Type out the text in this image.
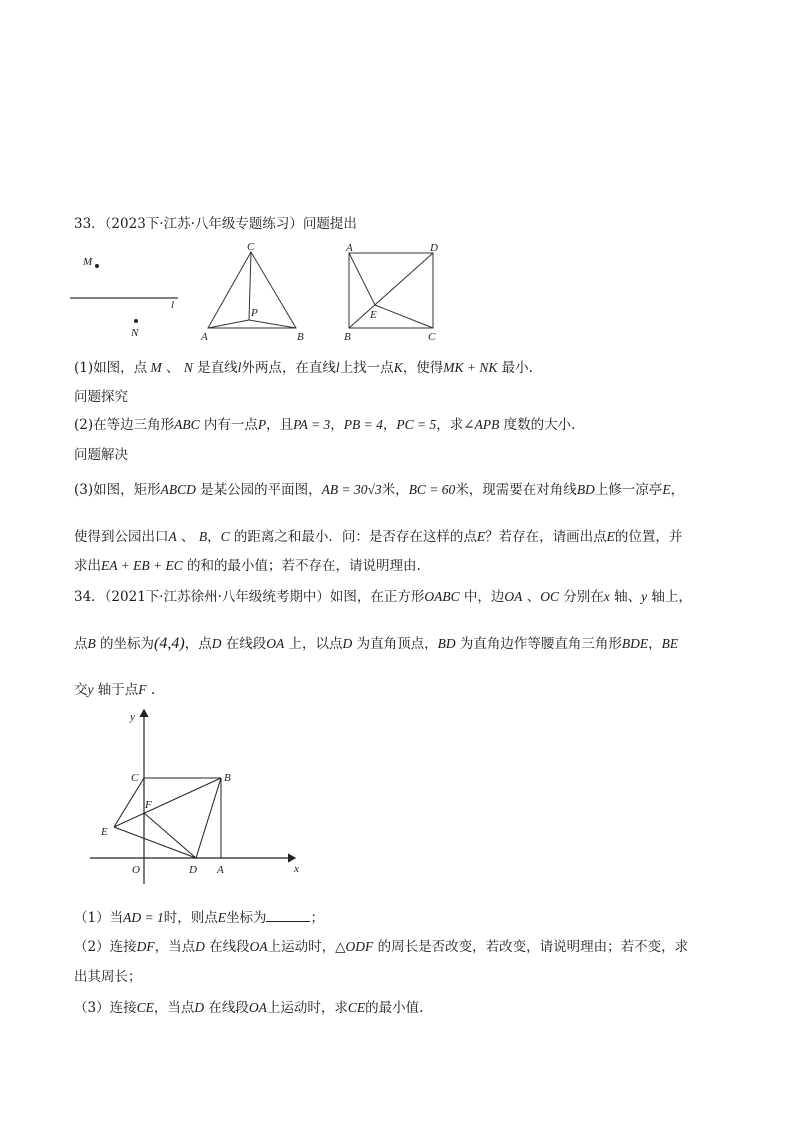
33．（2023下·江苏·八年级专题练习）问题提出
M
N
l
C
P
A	B
A	D
E
B	C
(1)如图，点 M 、 N 是直线l外两点，在直线l上找一点K，使得MK + NK 最小.
问题探究
(2)在等边三角形ABC 内有一点P，且PA = 3，PB = 4，PC = 5，求∠APB 度数的大小.
问题解决
(3)如图，矩形ABCD 是某公园的平面图，AB = 30√3米，BC = 60米，现需要在对角线BD上修一凉亭E，
使得到公园出口A 、 B，C 的距离之和最小．问：是否存在这样的点E？若存在，请画出点E的位置，并
求出EA + EB + EC 的和的最小值；若不存在，请说明理由.
34．（2021下·江苏徐州·八年级统考期中）如图，在正方形OABC 中，边OA 、OC 分别在x 轴、y 轴上，
点B 的坐标为(4,4)，点D 在线段OA 上，以点D 为直角顶点，BD 为直角边作等腰直角三角形BDE，BE
交y 轴于点F .
x
y
C	B
F
E
O	D A
（1）当AD = 1时，则点E坐标为	；
（2）连接DF，当点D 在线段OA上运动时，△ODF 的周长是否改变，若改变，请说明理由；若不变，求
出其周长；
（3）连接CE，当点D 在线段OA上运动时，求CE的最小值.
